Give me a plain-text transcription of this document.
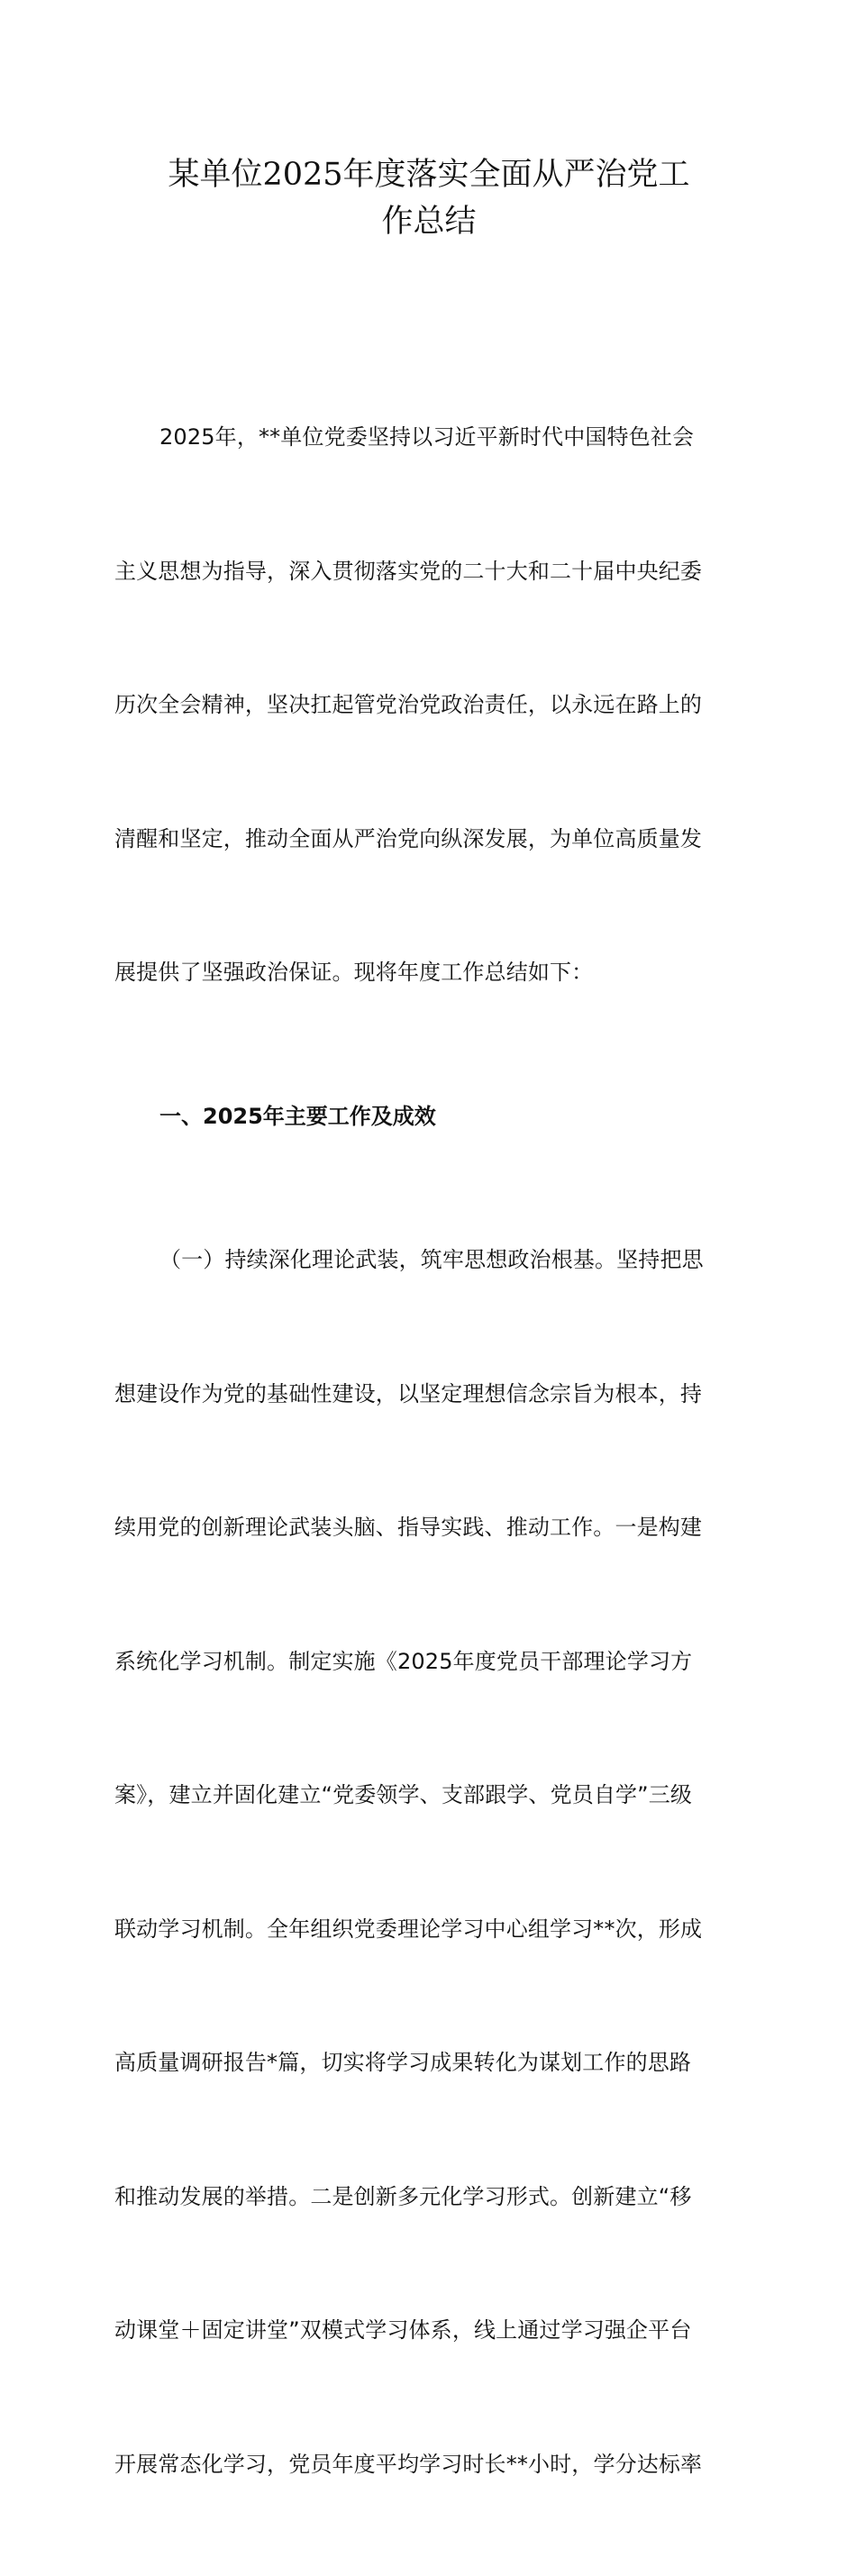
某单位2025年度落实全面从严治党工
作总结

2025年，**单位党委坚持以习近平新时代中国特色社会

主义思想为指导，深入贯彻落实党的二十大和二十届中央纪委

历次全会精神，坚决扛起管党治党政治责任，以永远在路上的

清醒和坚定，推动全面从严治党向纵深发展，为单位高质量发

展提供了坚强政治保证。现将年度工作总结如下：

一、2025年主要工作及成效

（一）持续深化理论武装，筑牢思想政治根基。坚持把思

想建设作为党的基础性建设，以坚定理想信念宗旨为根本，持

续用党的创新理论武装头脑、指导实践、推动工作。一是构建

系统化学习机制。制定实施《2025年度党员干部理论学习方

案》，建立并固化建立“党委领学、支部跟学、党员自学”三级

联动学习机制。全年组织党委理论学习中心组学习**次，形成

高质量调研报告*篇，切实将学习成果转化为谋划工作的思路

和推动发展的举措。二是创新多元化学习形式。创新建立“移

动课堂＋固定讲堂”双模式学习体系，线上通过学习强企平台

开展常态化学习，党员年度平均学习时长**小时，学分达标率
